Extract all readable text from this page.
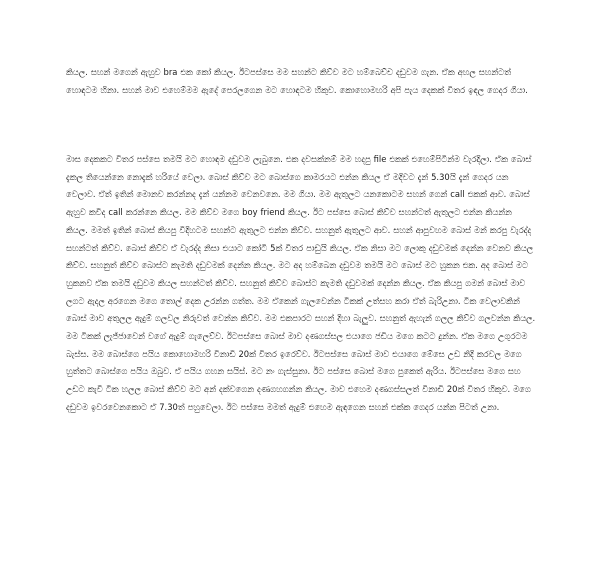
කියල. සහන් මගෙන් ඇහුව bra එක කෝ කියල. ඊටපස්සෙ මම සහන්ට කිව්ව මට හම්බෙච්ච දඩුවම ගැන. ඒක අහල සහන්ටත් හොඳටම හිනා. සහන් මාව එහෙම්මම ඇදේ පෙරලගෙන මට හොඳටම හිකුව. කොහොමහරි අපි පැය දෙකක් විතර ඉඳල ගෙදර ගියා.

මාස දෙකකට විතර පස්සෙ තමයි මට හොඳම දඩුවම ලැබුනෙ. එක දවසක්නම් මම හදපු file එකක් එහෙම්පිටින්ම වැරදිලා. ඒක බොස් දැකල තියෙන්නෙ නොදැක් හරියේ වෙලා. බොස් කිව්ව මට බොස්ගෙ කාමරයට එන්න කියල ඒ මදිවට දැන් 5.30යි දැන් ගෙදර යන වෙලාව. ඒත් ඉතින් මොනව කරන්නද දැන් යන්නම වෙනවනෙ. මම ගියා. මම ඇතුලට යනකොටම සහන් ගෙන් call එකක් ආව. බොස් ඇහුව කවිද call කරන්නෙ කියල. මම කිව්ව මගෙ boy friend කියල. ඊට පස්සෙ බොස් කිව්ව සහන්ටත් ඇතුලට එන්න කියන්න කියල. මමත් ඉතින් බොස් කියපු විදිහටම සහන්ට ඇතුලට එන්න කිව්ව. සහනුත් ඇතුලට ආව. සහන් ආපුවහම බොස් මන් කරපු වැරද්ද සහන්ටත් කිව්ව. බොස් කිව්ව ඒ වැරද්ද නිසා එයාට කෝටි 5ක් විතර පාඩුයි කියල. ඒක නිසා මට ලොකු දඩුවමක් දෙන්න වෙනව කියල කිව්ව. සහනුත් කිව්ව බොස්ට කැමති දඩුවමක් දෙන්න කියල. මට අද හම්බෙන දඩුවම තමයි මට බොස් මට හුකන එක. අද බොස් මට හුකනව ඒක තමයි දඩුවම කියල සහන්ටත් කිව්ව. සහනුත් කිව්ව බොස්ට කැමති දඩුවමක් දෙන්න කියල. ඒක කියපු ගමන් බොස් මාව ලගට ඇදල අරගෙන මගෙ තොල් දෙක උරන්න ගත්ත. මම ඒකෙන් ගැලවෙන්න ටිකක් උත්සහ කරා ඒත් බැරිඋනා. ටික වෙලාවකින් බොස් මාව අතුලල ඇදුම් ගලවල නිරුවත් වෙන්න කිව්ව. මම එකපාරට සහන් දිහා බැලුව. සහනුත් ඇහැන් ගලල කිව්ව ගලවන්න කියල. මම ටිකක් ලැජ්ජාවෙන් වගේ ඇදුම් ගැලෙව්ව. ඊටපස්සෙ බොස් මාව දණගස්සල එයාගෙ ජඩිය මගෙ කටට දුන්න. ඒක මගෙ උගුරටම බැස්ස. මම බොස්ගෙ පයිය කොහොමහරි විනාඩි 20ක් විතර ඉරෙව්ව. ඊටපස්සෙ බොස් මාව එයාගෙ මේසෙ උඩ නිදි කරවල මගෙ හුත්තට බොස්ගෙ පයිය ඔබුව. ඒ පයිය ගහන සයිස්. මට නං ගැස්සුනා. ඊට පස්සෙ බොස් මගෙ පුකෙත් ඇරිය. ඊටපස්සෙ මගෙ සහ උඩට කැවී ටික හලල බොස් කිව්ව මට අන් දක්වගෙන දණගහගන්න කියල. මාව එහෙම දණගස්සලත් විනාඩි 20ක් විතර හිකුව. මගෙ දඩුවම ඉවරවෙනකොට ඒ 7.30ත් පහුවෙලා. ඊට පස්සෙ මමත් ඇදුම් එහෙම ඇඳගෙන සහන් එක්ක ගෙදර යන්න පිටත් උනා.
